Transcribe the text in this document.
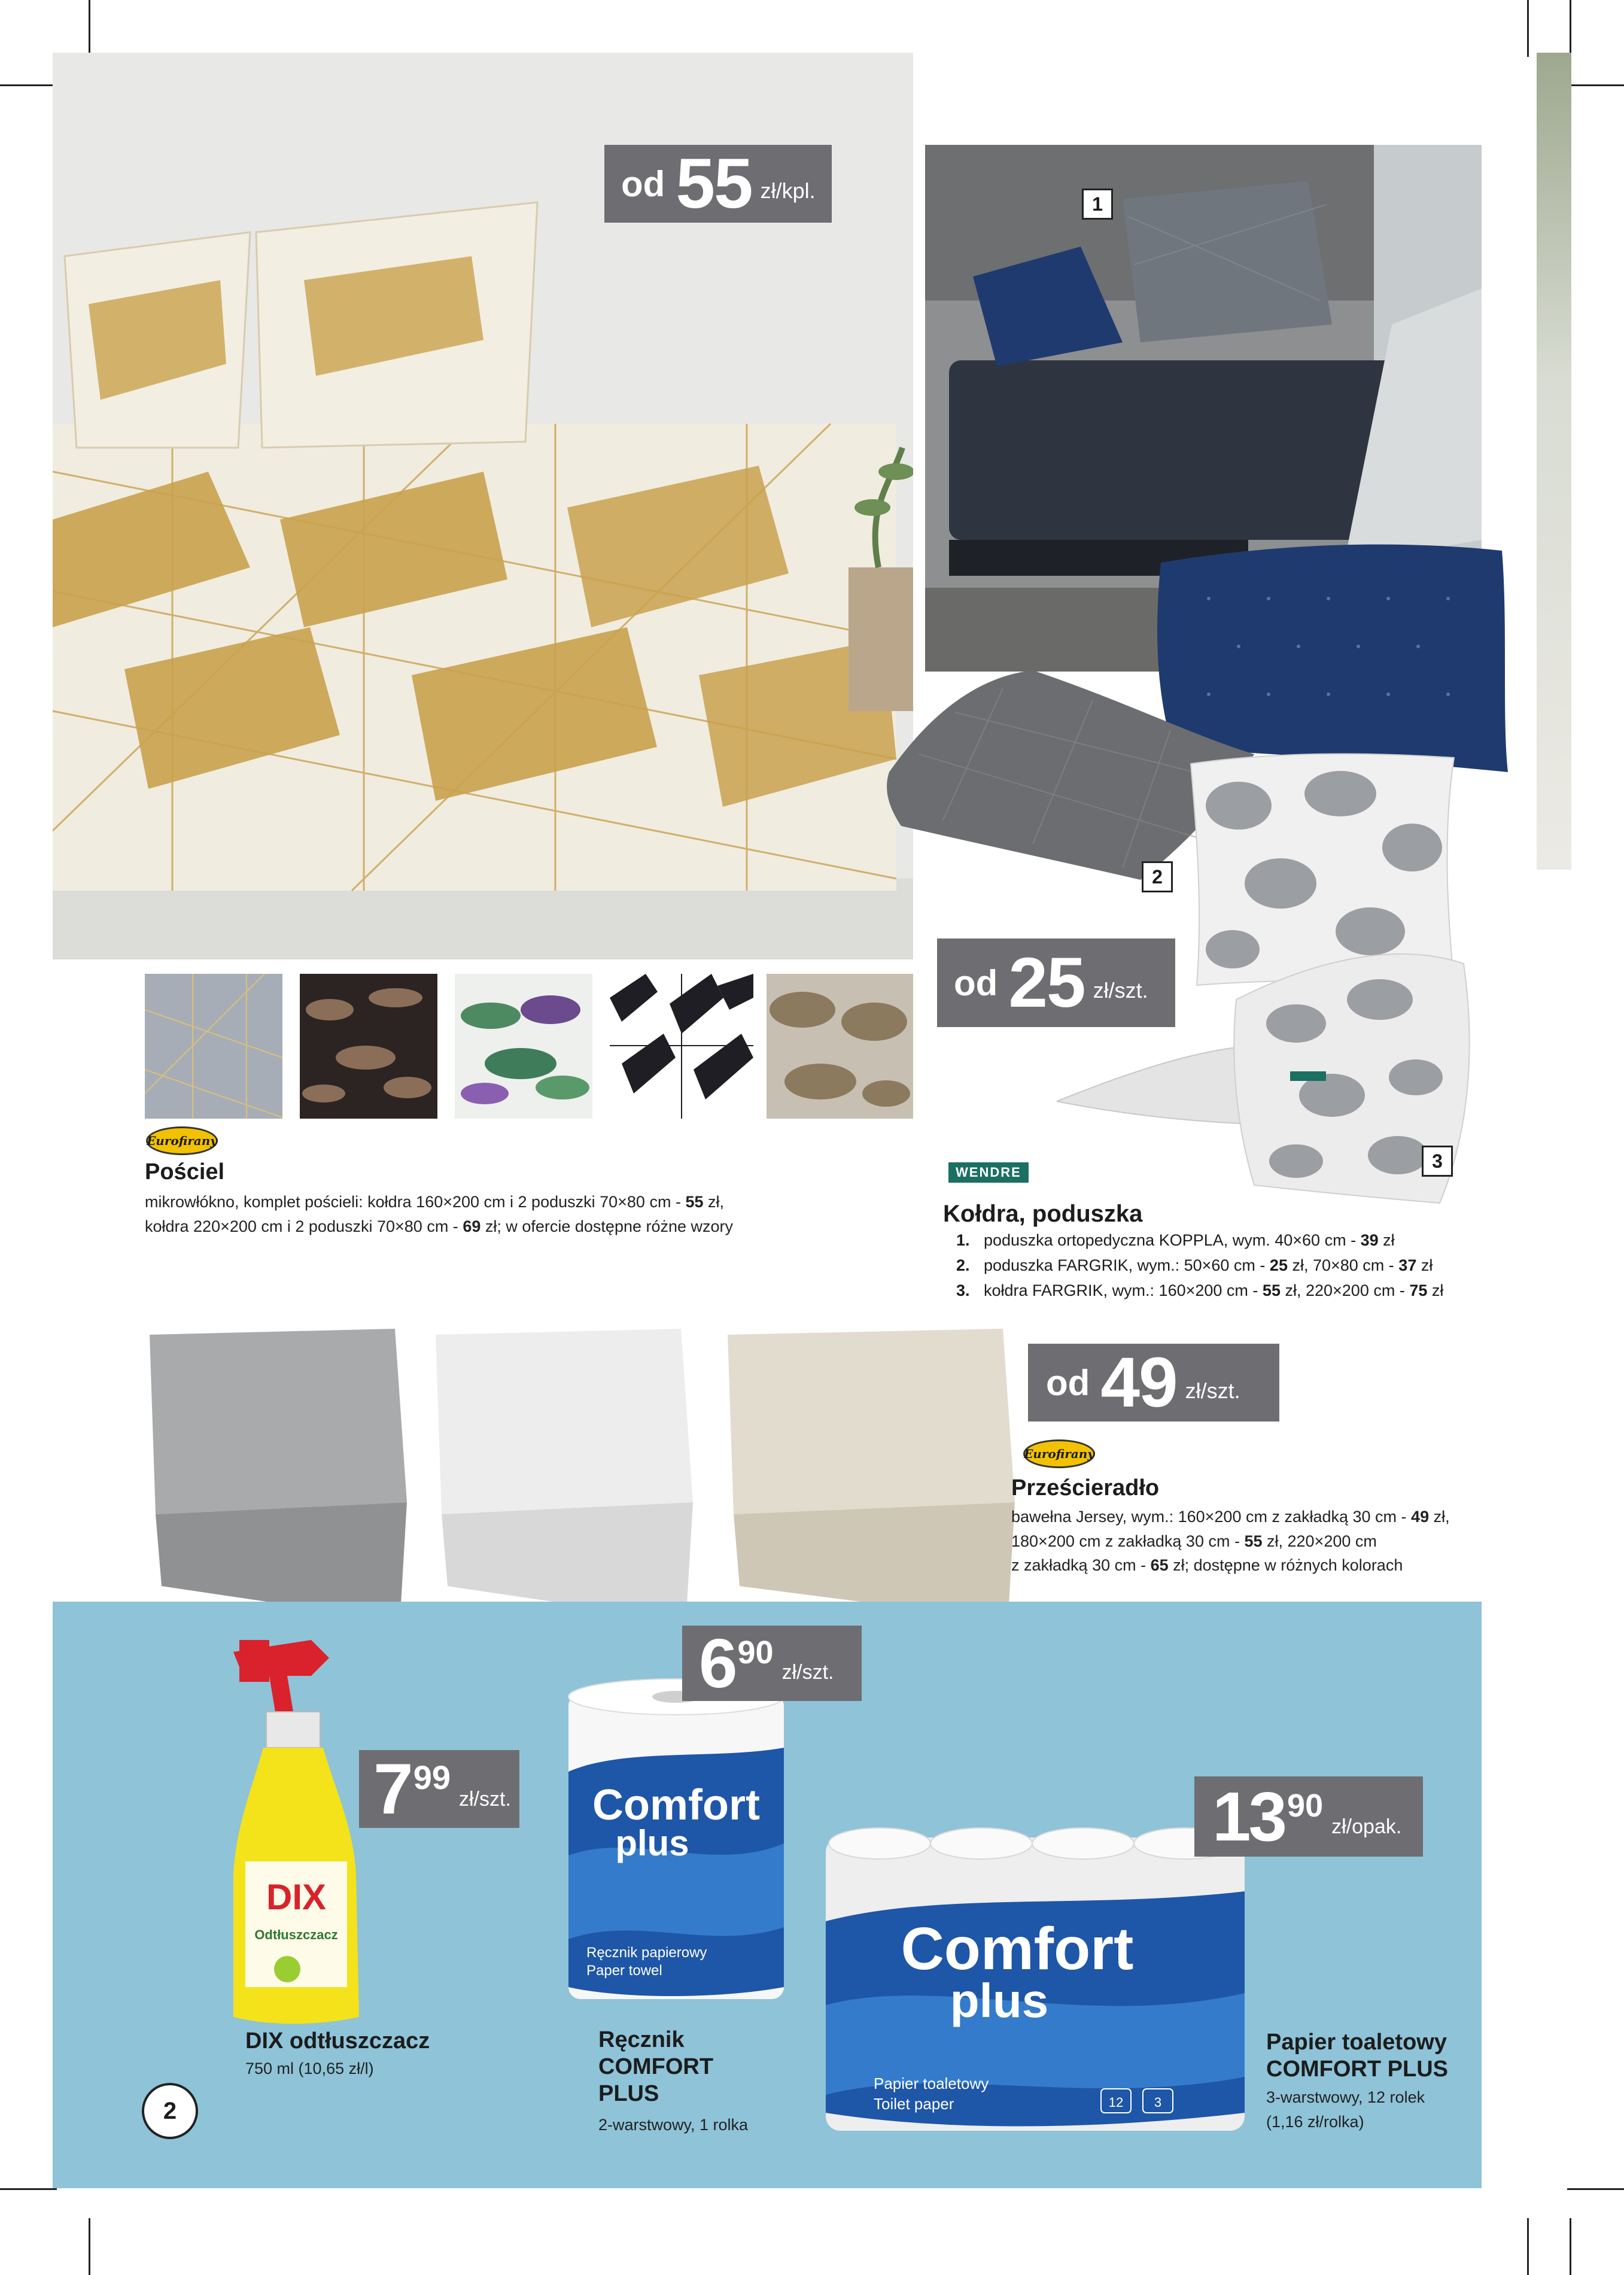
od 55 zł/kpl.
Eurofirany
Pościel
mikrowłókno, komplet pościeli: kołdra 160×200 cm i 2 poduszki 70×80 cm - 55 zł,
kołdra 220×200 cm i 2 poduszki 70×80 cm - 69 zł; w ofercie dostępne różne wzory
1
2
3
od 25 zł/szt.
WENDRE
Kołdra, poduszka
1. poduszka ortopedyczna KOPPLA, wym. 40×60 cm - 39 zł
2. poduszka FARGRIK, wym.: 50×60 cm - 25 zł, 70×80 cm - 37 zł
3. kołdra FARGRIK, wym.: 160×200 cm - 55 zł, 220×200 cm - 75 zł
od 49 zł/szt.
Eurofirany
Prześcieradło
bawełna Jersey, wym.: 160×200 cm z zakładką 30 cm - 49 zł,
180×200 cm z zakładką 30 cm - 55 zł, 220×200 cm
z zakładką 30 cm - 65 zł; dostępne w różnych kolorach
DIX
Odtłuszczacz
7 99
zł/szt.
DIX odtłuszczacz
750 ml (10,65 zł/l)
Comfort
plus
Ręcznik papierowy
Paper towel
6 90
zł/szt.
Ręcznik
COMFORT
PLUS
2-warstwowy, 1 rolka
Comfort
plus
Papier toaletowy
Toilet paper	12 3
13 90
zł/opak.
Papier toaletowy
COMFORT PLUS
3-warstwowy, 12 rolek
(1,16 zł/rolka)
2
